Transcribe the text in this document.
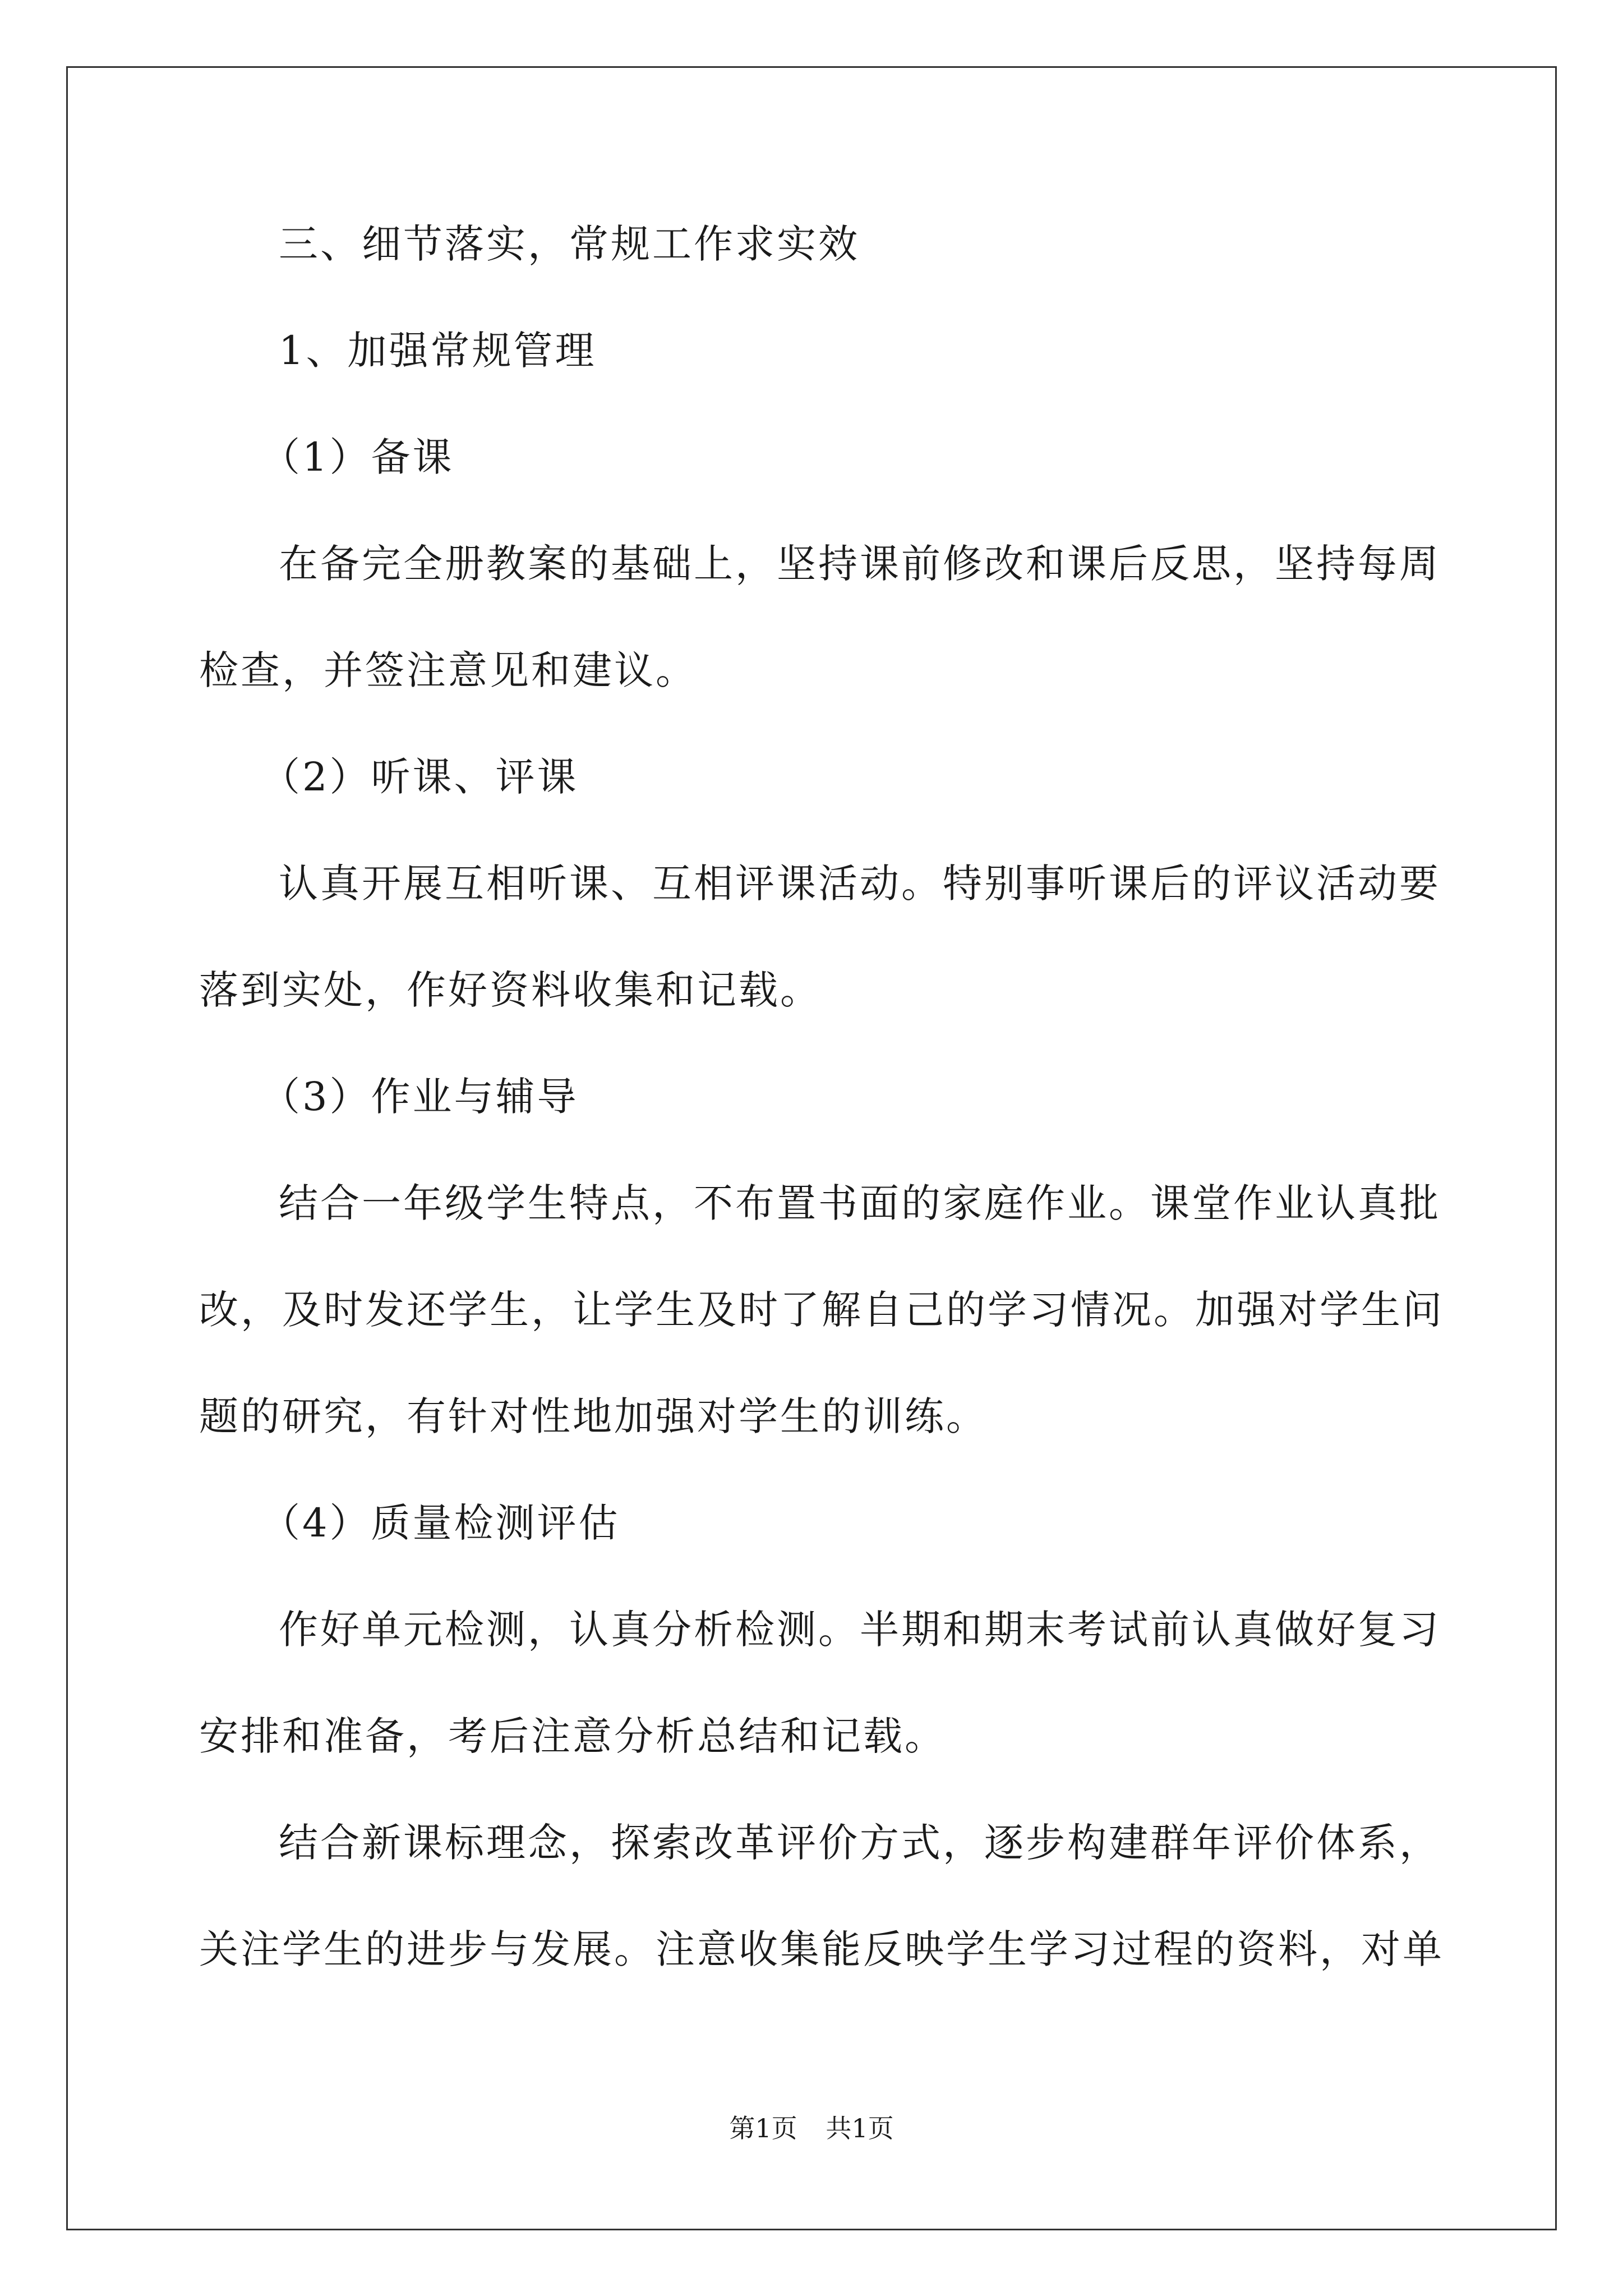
三、细节落实，常规工作求实效

1、加强常规管理

（1）备课

在备完全册教案的基础上，坚持课前修改和课后反思，坚持每周

检查，并签注意见和建议。

（2）听课、评课

认真开展互相听课、互相评课活动。特别事听课后的评议活动要

落到实处，作好资料收集和记载。

（3）作业与辅导

结合一年级学生特点，不布置书面的家庭作业。课堂作业认真批

改，及时发还学生，让学生及时了解自己的学习情况。加强对学生问

题的研究，有针对性地加强对学生的训练。

（4）质量检测评估

作好单元检测，认真分析检测。半期和期末考试前认真做好复习

安排和准备，考后注意分析总结和记载。

结合新课标理念，探索改革评价方式，逐步构建群年评价体系，

关注学生的进步与发展。注意收集能反映学生学习过程的资料，对单

第1页 共1页
